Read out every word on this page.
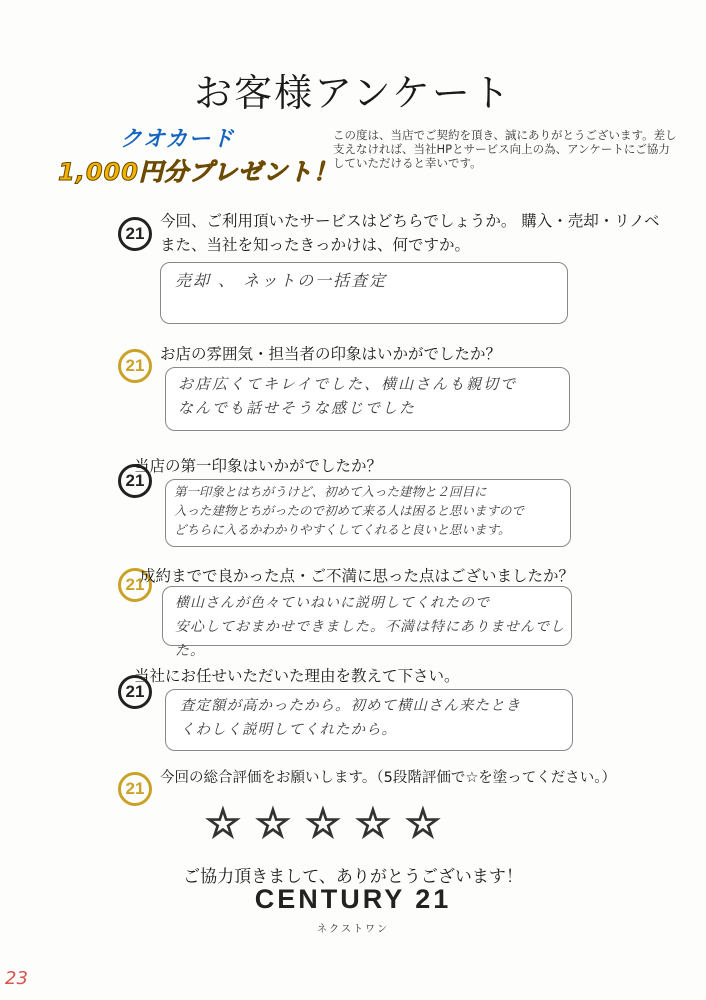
お客様アンケート
クオカード
1,000円分プレゼント！
この度は、当店でご契約を頂き、誠にありがとうございます。差し支えなければ、当社HPとサービス向上の為、アンケートにご協力していただけると幸いです。
21
今回、ご利用頂いたサービスはどちらでしょうか。 購入・売却・リノベ
また、当社を知ったきっかけは、何ですか。
売却 、 ネットの一括査定
21
お店の雰囲気・担当者の印象はいかがでしたか？
お店広くてキレイでした、横山さんも親切で
なんでも話せそうな感じでした
21
当店の第一印象はいかがでしたか？
第一印象とはちがうけど、初めて入った建物と２回目に
入った建物とちがったので初めて来る人は困ると思いますので
どちらに入るかわかりやすくしてくれると良いと思います。
21
成約までで良かった点・ご不満に思った点はございましたか？
横山さんが色々ていねいに説明してくれたので
安心しておまかせできました。不満は特にありませんでした。
21
当社にお任せいただいた理由を教えて下さい。
査定額が高かったから。初めて横山さん来たとき
くわしく説明してくれたから。
21
今回の総合評価をお願いします。（5段階評価で☆を塗ってください。）
☆ ☆ ☆ ☆ ☆
ご協力頂きまして、ありがとうございます！
CENTURY 21
ネクストワン
23
